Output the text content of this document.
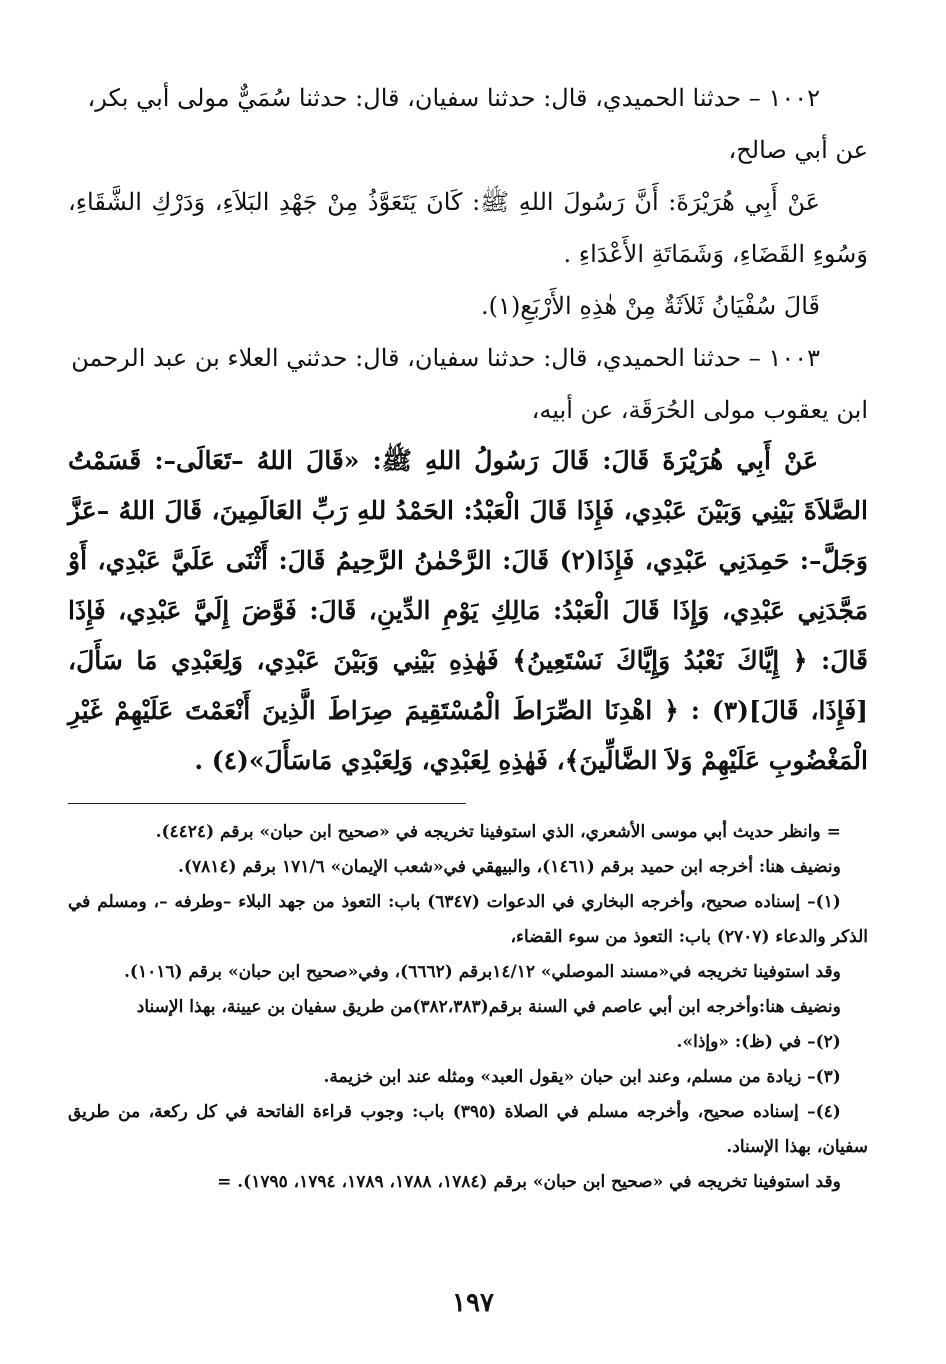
١٠٠٢ – حدثنا الحميدي، قال: حدثنا سفيان، قال: حدثنا سُمَيٌّ مولى أبي بكر،
عن أبي صالح،

عَنْ أَبِي هُرَيْرَةَ: أَنَّ رَسُولَ اللهِ ﷺ: كَانَ يَتَعَوَّذُ مِنْ جَهْدِ البَلاَءِ، وَدَرْكِ الشَّقَاءِ، وَسُوءِ القَضَاءِ، وَشَمَاتَةِ الأَعْدَاءِ .

قَالَ سُفْيَانُ ثَلاَثَةٌ مِنْ هٰذِهِ الأَرْبَعِ(١).

١٠٠٣ – حدثنا الحميدي، قال: حدثنا سفيان، قال: حدثني العلاء بن عبد الرحمن
ابن يعقوب مولى الحُرَقَة، عن أبيه،

عَنْ أَبِي هُرَيْرَةَ قَالَ: قَالَ رَسُولُ اللهِ ﷺ: «قَالَ اللهُ –تَعَالَى–: قَسَمْتُ الصَّلاَةَ بَيْنِي وَبَيْنَ عَبْدِي، فَإِذَا قَالَ الْعَبْدُ: الحَمْدُ للهِ رَبِّ العَالَمِينَ، قَالَ اللهُ –عَزَّ وَجَلَّ–: حَمِدَنِي عَبْدِي، فَإِذَا(٢) قَالَ: الرَّحْمٰنُ الرَّحِيمُ قَالَ: أَثْنَى عَلَيَّ عَبْدِي، أَوْ مَجَّدَنِي عَبْدِي، وَإِذَا قَالَ الْعَبْدُ: مَالِكِ يَوْمِ الدِّينِ، قَالَ: فَوَّضَ إِلَيَّ عَبْدِي، فَإِذَا قَالَ: ﴿ إِيَّاكَ نَعْبُدُ وَإِيَّاكَ نَسْتَعِينُ﴾ فَهٰذِهِ بَيْنِي وَبَيْنَ عَبْدِي، وَلِعَبْدِي مَا سَأَلَ، [فَإِذَا، قَالَ](٣) : ﴿ اهْدِنَا الصِّرَاطَ الْمُسْتَقِيمَ صِرَاطَ الَّذِينَ أَنْعَمْتَ عَلَيْهِمْ غَيْرِ الْمَغْضُوبِ عَلَيْهِمْ وَلاَ الضَّالِّينَ﴾، فَهٰذِهِ لِعَبْدِي، وَلِعَبْدِي مَاسَأَلَ»(٤) .

= وانظر حديث أبي موسى الأشعري، الذي استوفينا تخريجه في «صحيح ابن حبان» برقم (٤٤٢٤).

ونضيف هنا: أخرجه ابن حميد برقم (١٤٦١)، والبيهقي في«شعب الإيمان» ١٧١/٦ برقم (٧٨١٤).

(١)– إسناده صحيح، وأخرجه البخاري في الدعوات (٦٣٤٧) باب: التعوذ من جهد البلاء –وطرفه –، ومسلم في الذكر والدعاء (٢٧٠٧) باب: التعوذ من سوء القضاء،

وقد استوفينا تخريجه في«مسند الموصلي» ١٤/١٢برقم (٦٦٦٢)، وفي«صحيح ابن حبان» برقم (١٠١٦).

ونضيف هنا:وأخرجه ابن أبي عاصم في السنة برقم(٣٨٢،٣٨٣)من طريق سفيان بن عيينة، بهذا الإسناد

(٢)– في (ظ): «وإذا».

(٣)– زيادة من مسلم، وعند ابن حبان «يقول العبد» ومثله عند ابن خزيمة.

(٤)– إسناده صحيح، وأخرجه مسلم في الصلاة (٣٩٥) باب: وجوب قراءة الفاتحة في كل ركعة، من طريق سفيان، بهذا الإسناد.

وقد استوفينا تخريجه في «صحيح ابن حبان» برقم (١٧٨٤، ١٧٨٨، ١٧٨٩، ١٧٩٤، ١٧٩٥). =

١٩٧
